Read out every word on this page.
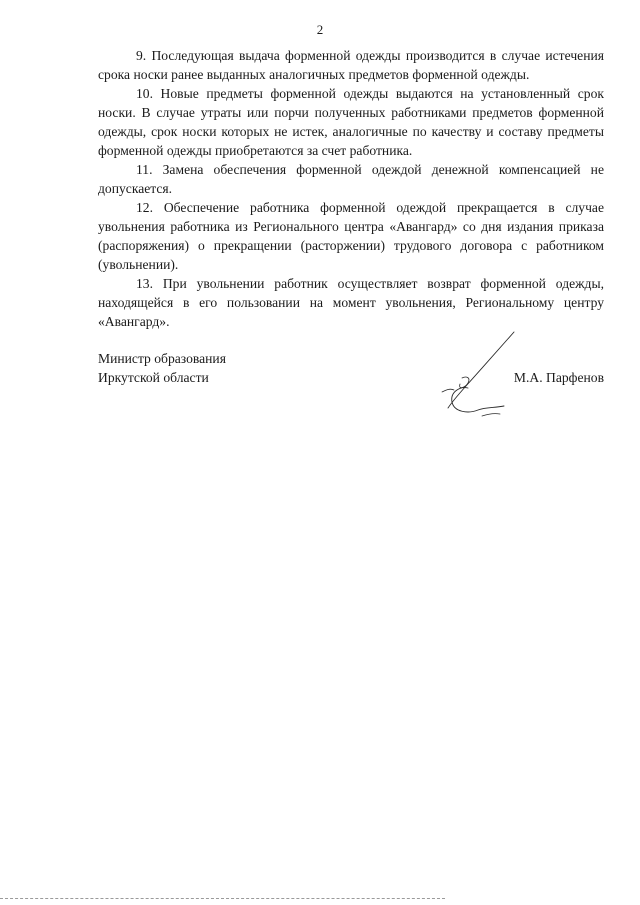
2

9. Последующая выдача форменной одежды производится в случае истечения срока носки ранее выданных аналогичных предметов форменной одежды.

10. Новые предметы форменной одежды выдаются на установленный срок носки. В случае утраты или порчи полученных работниками предметов форменной одежды, срок носки которых не истек, аналогичные по качеству и составу предметы форменной одежды приобретаются за счет работника.

11. Замена обеспечения форменной одеждой денежной компенсацией не допускается.

12. Обеспечение работника форменной одеждой прекращается в случае увольнения работника из Регионального центра «Авангард» со дня издания приказа (распоряжения) о прекращении (расторжении) трудового договора с работником (увольнении).

13. При увольнении работник осуществляет возврат форменной одежды, находящейся в его пользовании на момент увольнения, Региональному центру «Авангард».

Министр образования
Иркутской области	М.А. Парфенов
